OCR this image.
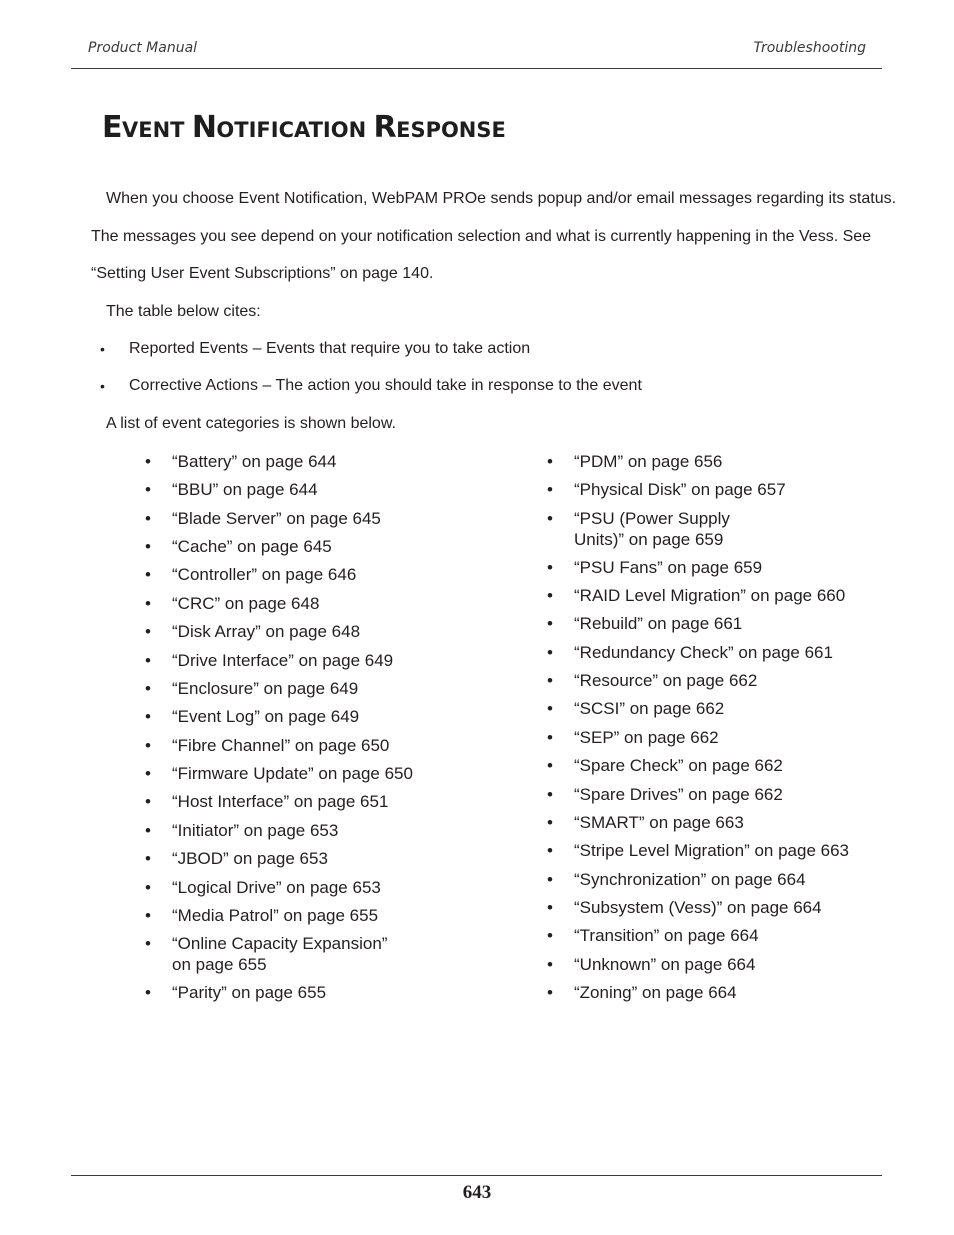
Product Manual	Troubleshooting
EVENT NOTIFICATION RESPONSE
When you choose Event Notification, WebPAM PROe sends popup and/or email messages regarding its status.
The messages you see depend on your notification selection and what is currently happening in the Vess. See
“Setting User Event Subscriptions” on page 140.
The table below cites:
• Reported Events – Events that require you to take action
• Corrective Actions – The action you should take in response to the event
A list of event categories is shown below.
• “Battery” on page 644
• “BBU” on page 644
• “Blade Server” on page 645
• “Cache” on page 645
• “Controller” on page 646
• “CRC” on page 648
• “Disk Array” on page 648
• “Drive Interface” on page 649
• “Enclosure” on page 649
• “Event Log” on page 649
• “Fibre Channel” on page 650
• “Firmware Update” on page 650
• “Host Interface” on page 651
• “Initiator” on page 653
• “JBOD” on page 653
• “Logical Drive” on page 653
• “Media Patrol” on page 655
• “Online Capacity Expansion”
on page 655
• “Parity” on page 655
• “PDM” on page 656
• “Physical Disk” on page 657
• “PSU (Power Supply
Units)” on page 659
• “PSU Fans” on page 659
• “RAID Level Migration” on page 660
• “Rebuild” on page 661
• “Redundancy Check” on page 661
• “Resource” on page 662
• “SCSI” on page 662
• “SEP” on page 662
• “Spare Check” on page 662
• “Spare Drives” on page 662
• “SMART” on page 663
• “Stripe Level Migration” on page 663
• “Synchronization” on page 664
• “Subsystem (Vess)” on page 664
• “Transition” on page 664
• “Unknown” on page 664
• “Zoning” on page 664
643
